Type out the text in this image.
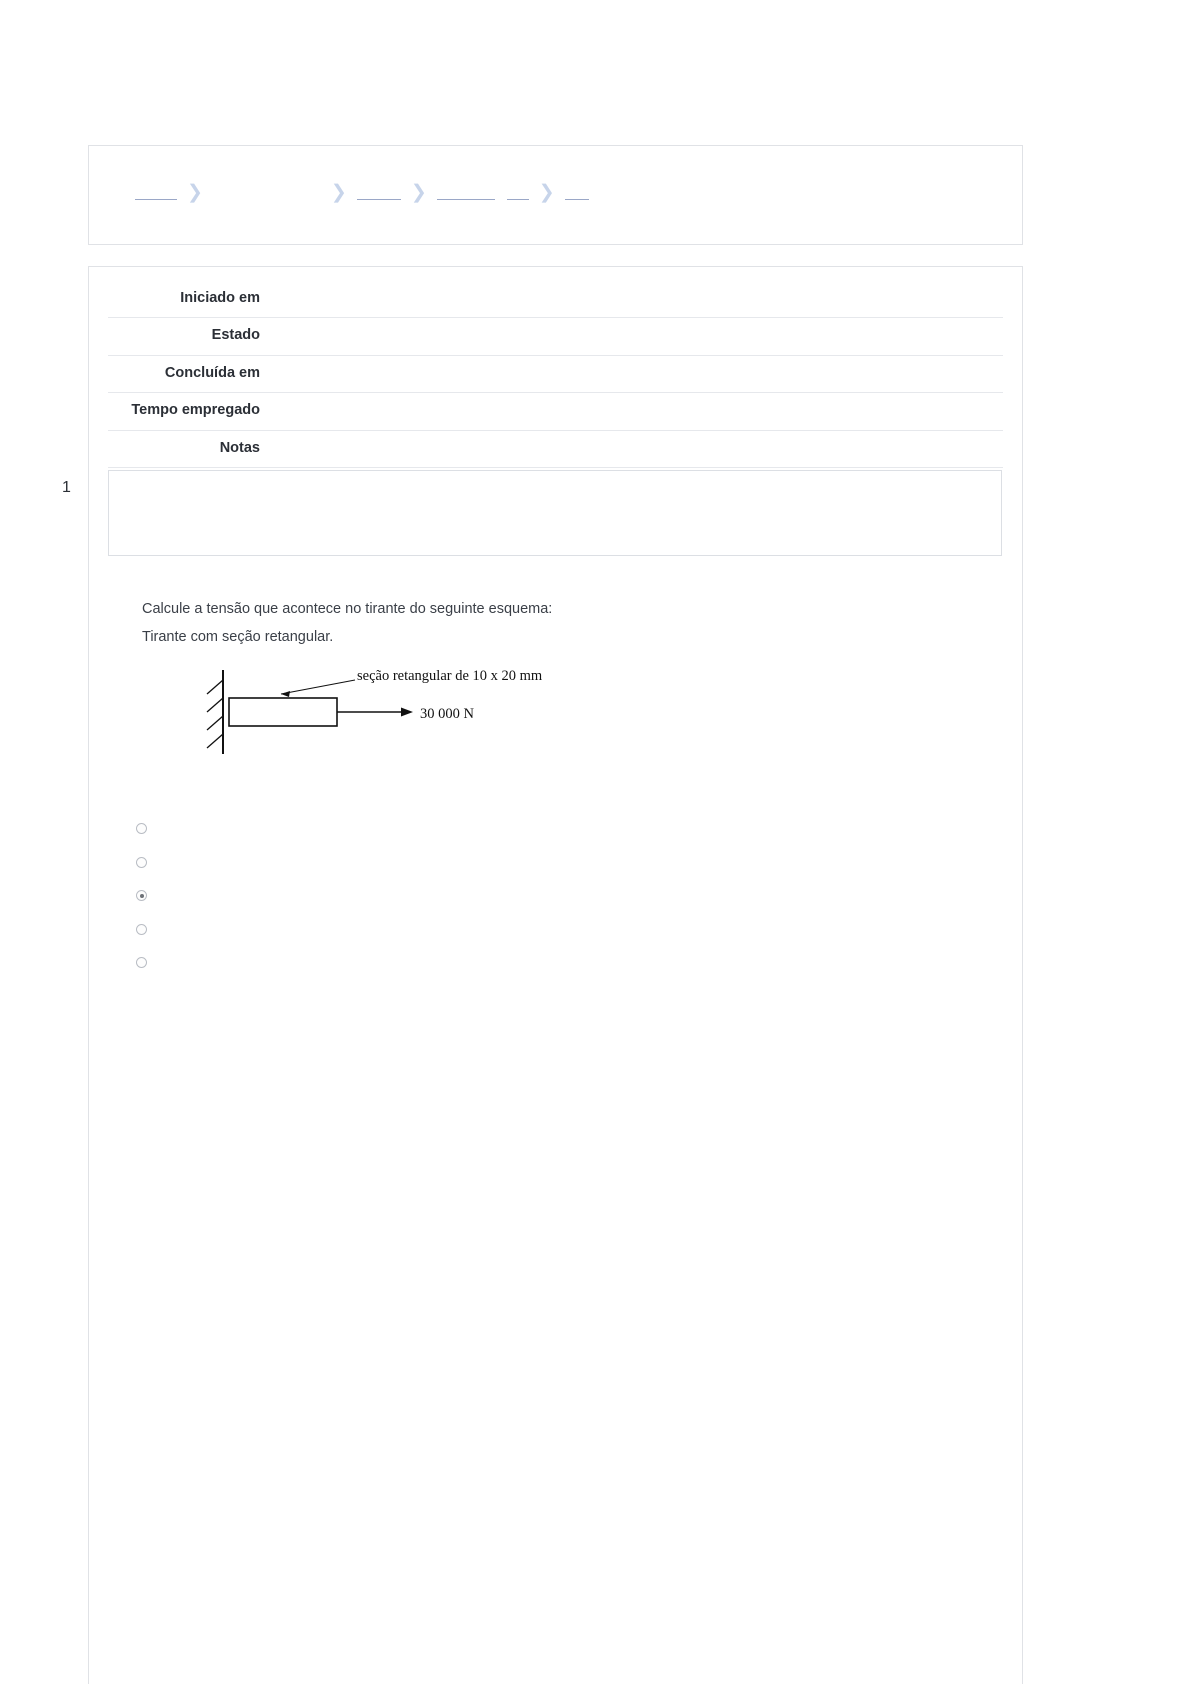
❯	❯	❯	❯
Iniciado em	
Estado	
Concluída em	
Tempo empregado	
Notas	

1
Calcule a tensão que acontece no tirante do seguinte esquema:
Tirante com seção retangular.
seção retangular de 10 x 20 mm
30 000 N
